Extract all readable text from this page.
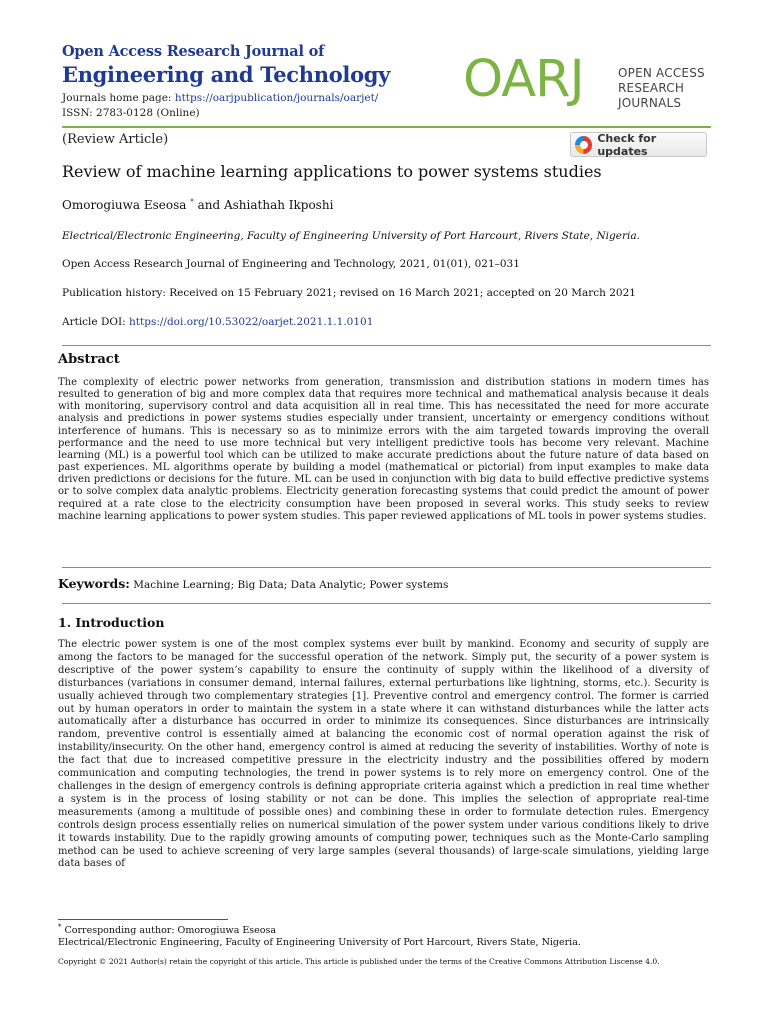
Open Access Research Journal of
Engineering and Technology
Journals home page: https://oarjpublication/journals/oarjet/
ISSN: 2783-0128 (Online)
OARJ	OPEN ACCESS
RESEARCH
JOURNALS
(Review Article)	Check for updates
Review of machine learning applications to power systems studies
Omorogiuwa Eseosa * and Ashiathah Ikposhi
Electrical/Electronic Engineering, Faculty of Engineering University of Port Harcourt, Rivers State, Nigeria.
Open Access Research Journal of Engineering and Technology, 2021, 01(01), 021–031
Publication history: Received on 15 February 2021; revised on 16 March 2021; accepted on 20 March 2021
Article DOI: https://doi.org/10.53022/oarjet.2021.1.1.0101
Abstract

The complexity of electric power networks from generation, transmission and distribution stations in modern times has resulted to generation of big and more complex data that requires more technical and mathematical analysis because it deals with monitoring, supervisory control and data acquisition all in real time. This has necessitated the need for more accurate analysis and predictions in power systems studies especially under transient, uncertainty or emergency conditions without interference of humans. This is necessary so as to minimize errors with the aim targeted towards improving the overall performance and the need to use more technical but very intelligent predictive tools has become very relevant. Machine learning (ML) is a powerful tool which can be utilized to make accurate predictions about the future nature of data based on past experiences. ML algorithms operate by building a model (mathematical or pictorial) from input examples to make data driven predictions or decisions for the future. ML can be used in conjunction with big data to build effective predictive systems or to solve complex data analytic problems. Electricity generation forecasting systems that could predict the amount of power required at a rate close to the electricity consumption have been proposed in several works. This study seeks to review machine learning applications to power system studies. This paper reviewed applications of ML tools in power systems studies.

Keywords: Machine Learning; Big Data; Data Analytic; Power systems
1. Introduction

The electric power system is one of the most complex systems ever built by mankind. Economy and security of supply are among the factors to be managed for the successful operation of the network. Simply put, the security of a power system is descriptive of the power system’s capability to ensure the continuity of supply within the likelihood of a diversity of disturbances (variations in consumer demand, internal failures, external perturbations like lightning, storms, etc.). Security is usually achieved through two complementary strategies [1]. Preventive control and emergency control. The former is carried out by human operators in order to maintain the system in a state where it can withstand disturbances while the latter acts automatically after a disturbance has occurred in order to minimize its consequences. Since disturbances are intrinsically random, preventive control is essentially aimed at balancing the economic cost of normal operation against the risk of instability/insecurity. On the other hand, emergency control is aimed at reducing the severity of instabilities. Worthy of note is the fact that due to increased competitive pressure in the electricity industry and the possibilities offered by modern communication and computing technologies, the trend in power systems is to rely more on emergency control. One of the challenges in the design of emergency controls is defining appropriate criteria against which a prediction in real time whether a system is in the process of losing stability or not can be done. This implies the selection of appropriate real-time measurements (among a multitude of possible ones) and combining these in order to formulate detection rules. Emergency controls design process essentially relies on numerical simulation of the power system under various conditions likely to drive it towards instability. Due to the rapidly growing amounts of computing power, techniques such as the Monte-Carlo sampling method can be used to achieve screening of very large samples (several thousands) of large-scale simulations, yielding large data bases of

* Corresponding author: Omorogiuwa Eseosa
Electrical/Electronic Engineering, Faculty of Engineering University of Port Harcourt, Rivers State, Nigeria.
Copyright © 2021 Author(s) retain the copyright of this article. This article is published under the terms of the Creative Commons Attribution Liscense 4.0.
